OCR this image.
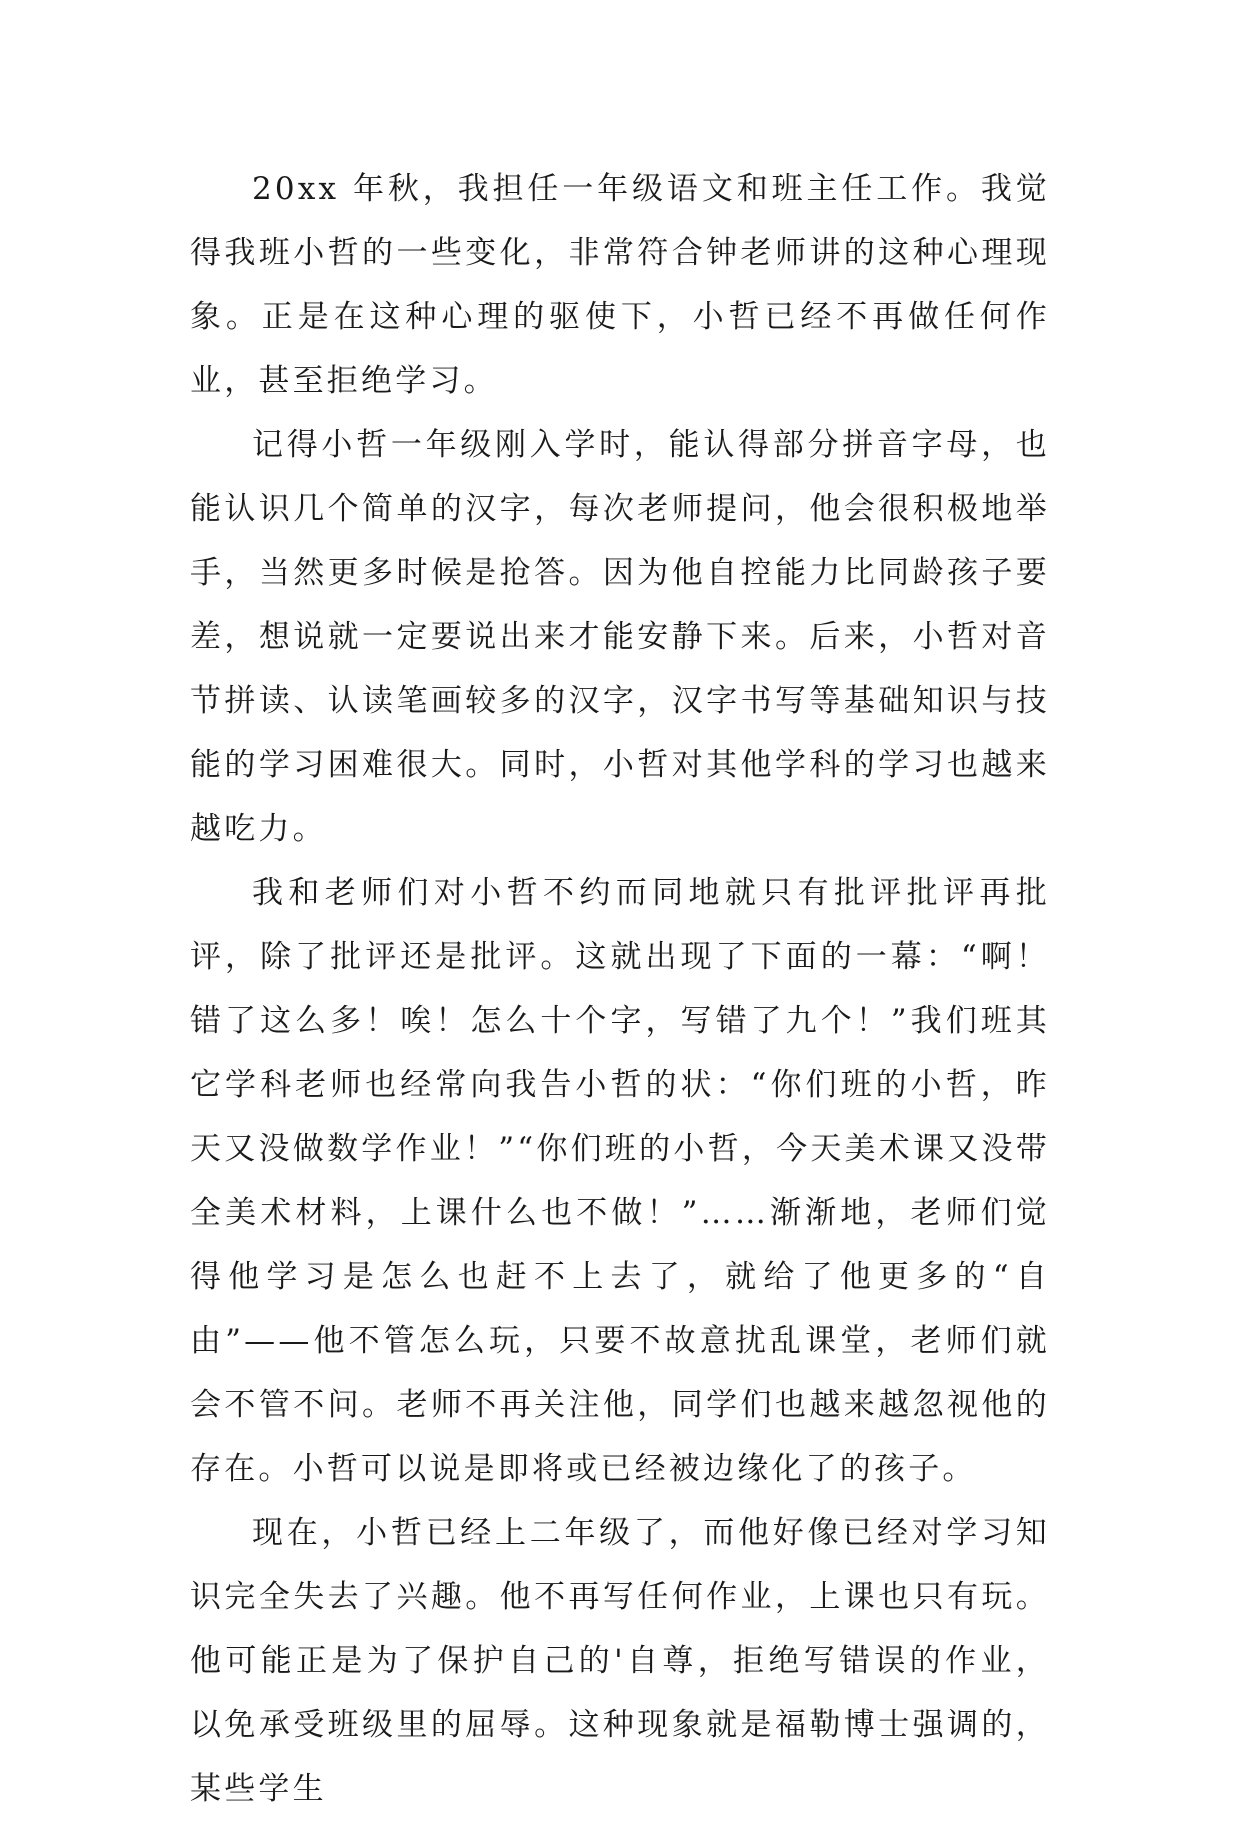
20xx 年秋，我担任一年级语文和班主任工作。我觉得我班小哲的一些变化，非常符合钟老师讲的这种心理现象。正是在这种心理的驱使下，小哲已经不再做任何作业，甚至拒绝学习。

记得小哲一年级刚入学时，能认得部分拼音字母，也能认识几个简单的汉字，每次老师提问，他会很积极地举手，当然更多时候是抢答。因为他自控能力比同龄孩子要差，想说就一定要说出来才能安静下来。后来，小哲对音节拼读、认读笔画较多的汉字，汉字书写等基础知识与技能的学习困难很大。同时，小哲对其他学科的学习也越来越吃力。

我和老师们对小哲不约而同地就只有批评批评再批评，除了批评还是批评。这就出现了下面的一幕：“啊！错了这么多！唉！怎么十个字，写错了九个！”我们班其它学科老师也经常向我告小哲的状：“你们班的小哲，昨天又没做数学作业！”“你们班的小哲，今天美术课又没带全美术材料，上课什么也不做！”……渐渐地，老师们觉得他学习是怎么也赶不上去了，就给了他更多的“自由”——他不管怎么玩，只要不故意扰乱课堂，老师们就会不管不问。老师不再关注他，同学们也越来越忽视他的存在。小哲可以说是即将或已经被边缘化了的孩子。

现在，小哲已经上二年级了，而他好像已经对学习知识完全失去了兴趣。他不再写任何作业，上课也只有玩。他可能正是为了保护自己的'自尊，拒绝写错误的作业，以免承受班级里的屈辱。这种现象就是福勒博士强调的，某些学生
